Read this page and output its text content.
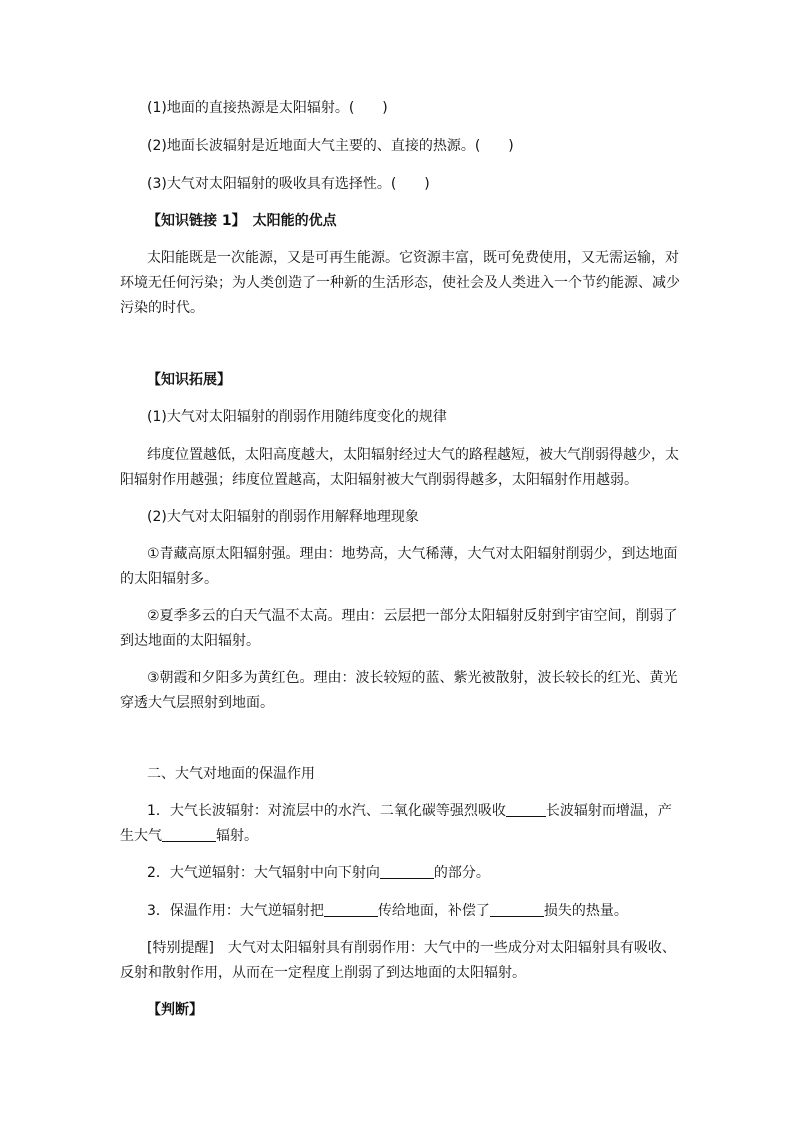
(1)地面的直接热源是太阳辐射。(　　)
(2)地面长波辐射是近地面大气主要的、直接的热源。(　　)
(3)大气对太阳辐射的吸收具有选择性。(　　)
【知识链接 1】　太阳能的优点
太阳能既是一次能源，又是可再生能源。它资源丰富，既可免费使用，又无需运输，对
环境无任何污染；为人类创造了一种新的生活形态，使社会及人类进入一个节约能源、减少
污染的时代。
【知识拓展】
(1)大气对太阳辐射的削弱作用随纬度变化的规律
纬度位置越低，太阳高度越大，太阳辐射经过大气的路程越短，被大气削弱得越少，太
阳辐射作用越强；纬度位置越高，太阳辐射被大气削弱得越多，太阳辐射作用越弱。
(2)大气对太阳辐射的削弱作用解释地理现象
①青藏高原太阳辐射强。理由：地势高，大气稀薄，大气对太阳辐射削弱少，到达地面
的太阳辐射多。
②夏季多云的白天气温不太高。理由：云层把一部分太阳辐射反射到宇宙空间，削弱了
到达地面的太阳辐射。
③朝霞和夕阳多为黄红色。理由：波长较短的蓝、紫光被散射，波长较长的红光、黄光
穿透大气层照射到地面。
二、大气对地面的保温作用
1．大气长波辐射：对流层中的水汽、二氧化碳等强烈吸收	长波辐射而增温，产
生大气	辐射。
2．大气逆辐射：大气辐射中向下射向	的部分。
3．保温作用：大气逆辐射把	传给地面，补偿了	损失的热量。
[特别提醒]　大气对太阳辐射具有削弱作用：大气中的一些成分对太阳辐射具有吸收、
反射和散射作用，从而在一定程度上削弱了到达地面的太阳辐射。
【判断】
